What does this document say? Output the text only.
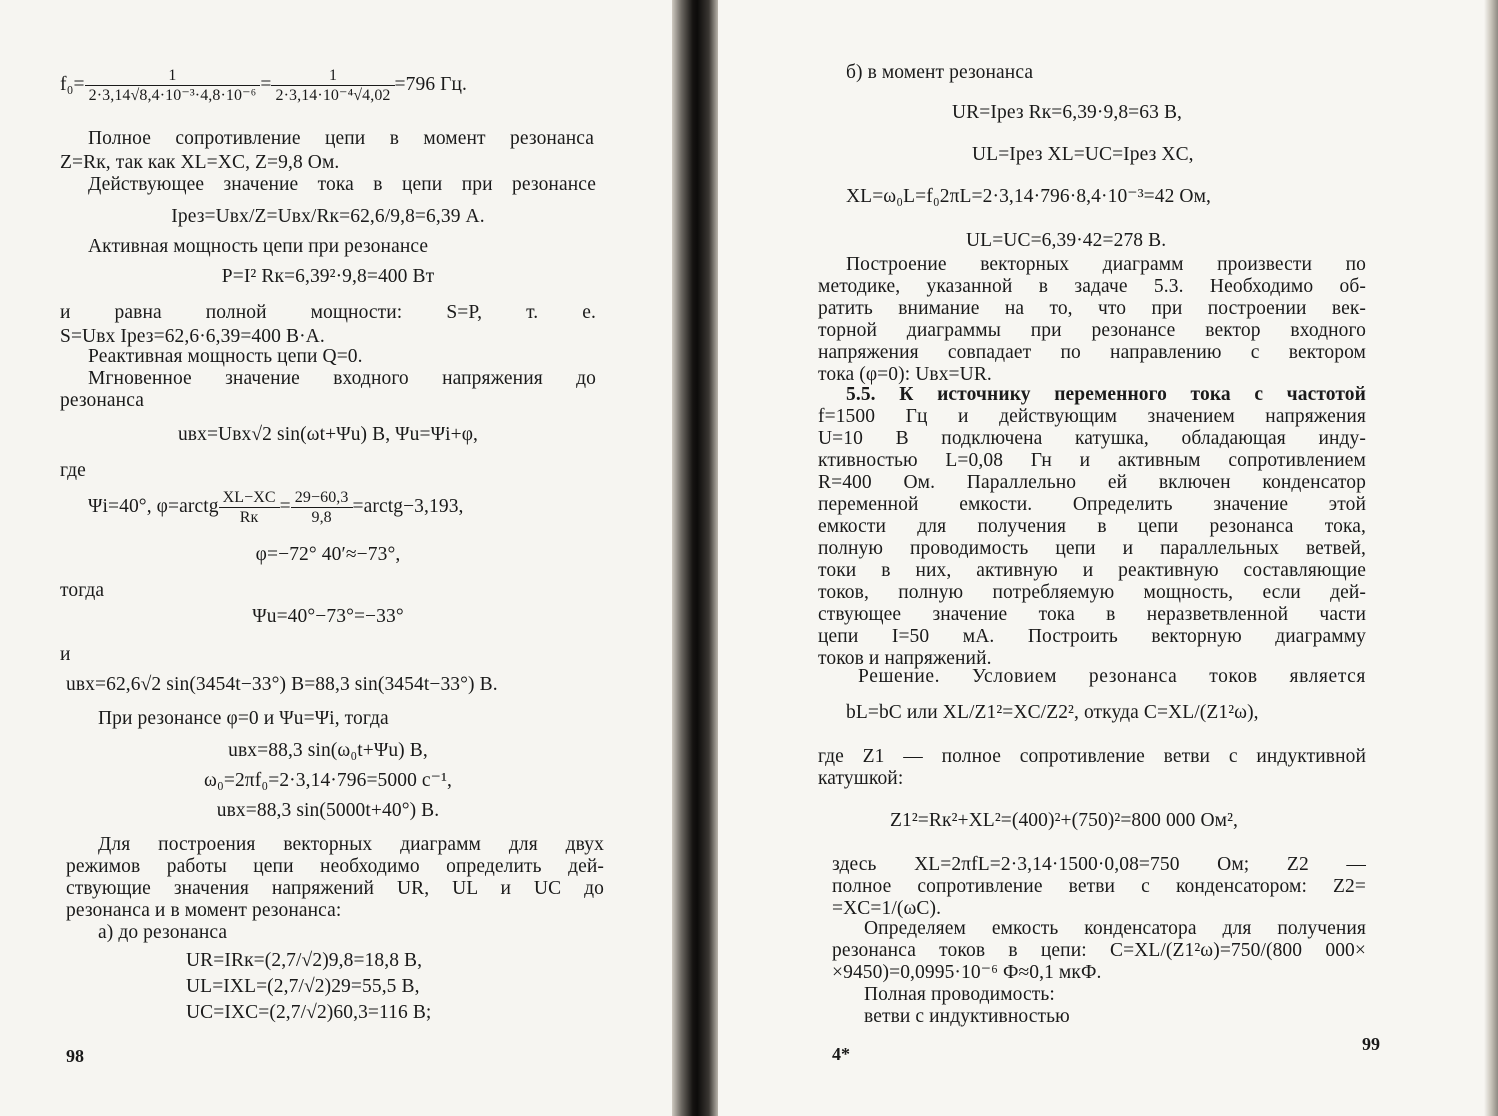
$f_0= \frac{1}{\text{2·3,14√8,4·10⁻³·4,8·10⁻⁶}} = \frac{1}{\text{2·3,14·10⁻⁴√4,02}} =796$ Гц.

Полное сопротивление цепи в момент резонанса

Z=Rк, так как XL=XC, Z=9,8 Ом.

Действующее значение тока в цепи при резонансе

Iрез=Uвх/Z=Uвх/Rк=62,6/9,8=6,39 А.

Активная мощность цепи при резонансе

P=I² Rк=6,39²·9,8=400 Вт

и равна полной мощности: S=P, т. е.

S=Uвх Iрез=62,6·6,39=400 В·А.

Реактивная мощность цепи Q=0.

Мгновенное значение входного напряжения до

резонанса

uвх=Uвх√2 sin(ωt+Ψu) В, Ψu=Ψi+φ,

где

Ψi=40°, φ=arctg $\frac{XL-XC}{Rк} = \frac{29-60,3}{9,8}$ =arctg−3,193,

φ=−72° 40′≈−73°,

тогда

Ψu=40°−73°=−33°

и

uвх=62,6√2 sin(3454t−33°) В=88,3 sin(3454t−33°) В.

При резонансе φ=0 и Ψu=Ψi, тогда

uвх=88,3 sin(ω₀t+Ψu) В,

ω₀=2πf₀=2·3,14·796=5000 с⁻¹,

uвх=88,3 sin(5000t+40°) В.

Для построения векторных диаграмм для двух

режимов работы цепи необходимо определить дей-

ствующие значения напряжений UR, UL и UC до

резонанса и в момент резонанса:

а) до резонанса

UR=IRк=(2,7/√2)9,8=18,8 В,

UL=IXL=(2,7/√2)29=55,5 В,

UC=IXC=(2,7/√2)60,3=116 В;

98

б) в момент резонанса

UR=Iрез Rк=6,39·9,8=63 В,

UL=Iрез XL=UC=Iрез XC,

XL=ω₀L=f₀2πL=2·3,14·796·8,4·10⁻³=42 Ом,

UL=UC=6,39·42=278 В.

Построение векторных диаграмм произвести по

методике, указанной в задаче 5.3. Необходимо об-

ратить внимание на то, что при построении век-

торной диаграммы при резонансе вектор входного

напряжения совпадает по направлению с вектором

тока (φ=0): Uвх=UR.

5.5. К источнику переменного тока с частотой

f=1500 Гц и действующим значением напряжения

U=10 В подключена катушка, обладающая инду-

ктивностью L=0,08 Гн и активным сопротивлением

R=400 Ом. Параллельно ей включен конденсатор

переменной емкости. Определить значение этой

емкости для получения в цепи резонанса тока,

полную проводимость цепи и параллельных ветвей,

токи в них, активную и реактивную составляющие

токов, полную потребляемую мощность, если дей-

ствующее значение тока в неразветвленной части

цепи I=50 мА. Построить векторную диаграмму

токов и напряжений.

Решение. Условием резонанса токов является

bL=bC или XL/Z1²=XC/Z2², откуда C=XL/(Z1²ω),

где Z1 — полное сопротивление ветви с индуктивной

катушкой:

Z1²=Rк²+XL²=(400)²+(750)²=800 000 Ом²,

здесь XL=2πfL=2·3,14·1500·0,08=750 Ом; Z2 —

полное сопротивление ветви с конденсатором: Z2=

=XC=1/(ωC).

Определяем емкость конденсатора для получения

резонанса токов в цепи: C=XL/(Z1²ω)=750/(800 000×

×9450)=0,0995·10⁻⁶ Ф≈0,1 мкФ.

Полная проводимость:

ветви с индуктивностью

4*	99
